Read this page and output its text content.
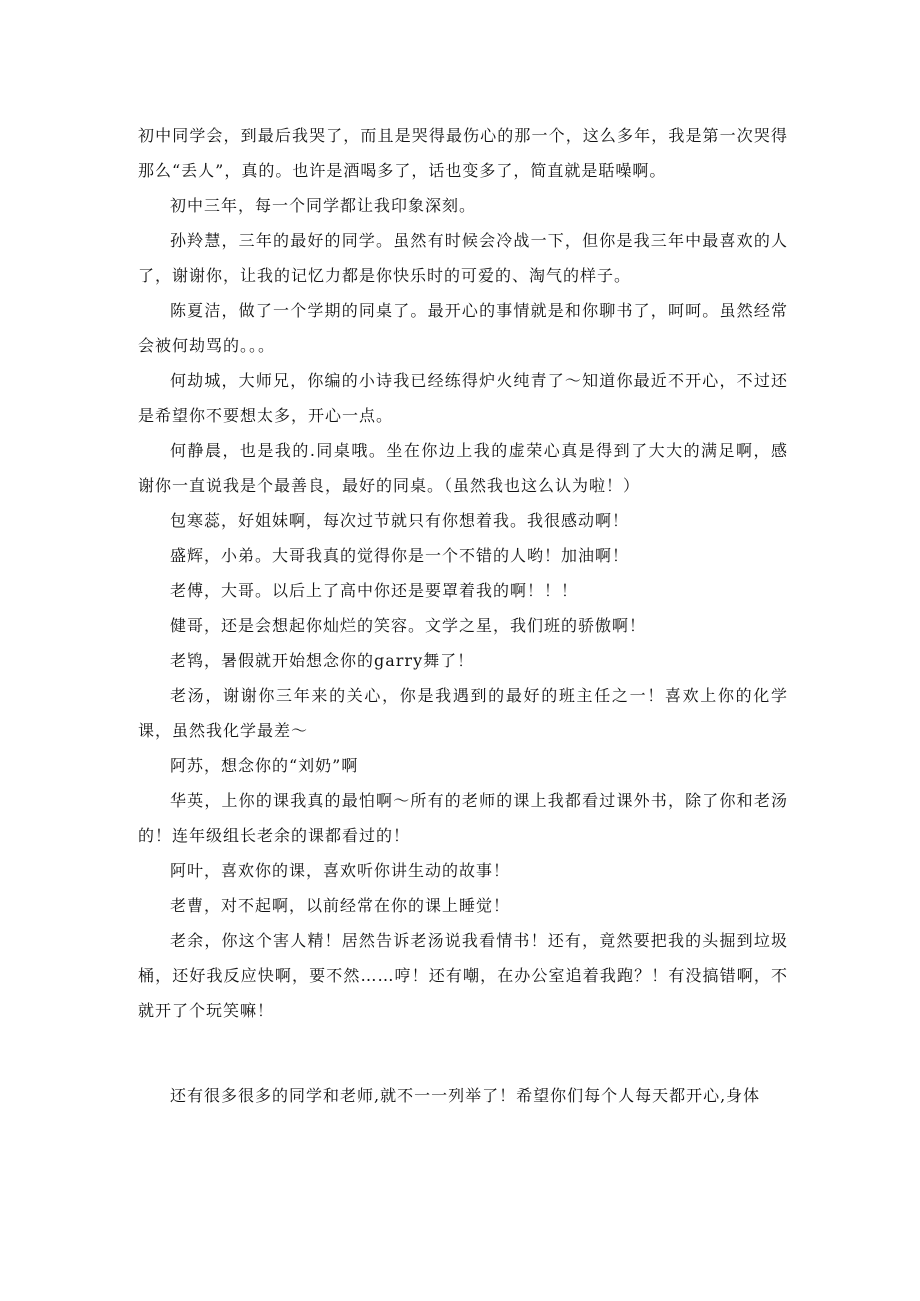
初中同学会，到最后我哭了，而且是哭得最伤心的那一个，这么多年，我是第一次哭得那么“丢人”，真的。也许是酒喝多了，话也变多了，简直就是聒噪啊。

初中三年，每一个同学都让我印象深刻。

孙羚慧，三年的最好的同学。虽然有时候会冷战一下，但你是我三年中最喜欢的人了，谢谢你，让我的记忆力都是你快乐时的可爱的、淘气的样子。

陈夏洁，做了一个学期的同桌了。最开心的事情就是和你聊书了，呵呵。虽然经常会被何劫骂的。。。

何劫城，大师兄，你编的小诗我已经练得炉火纯青了～知道你最近不开心，不过还是希望你不要想太多，开心一点。

何静晨，也是我的.同桌哦。坐在你边上我的虚荣心真是得到了大大的满足啊，感谢你一直说我是个最善良，最好的同桌。（虽然我也这么认为啦！）

包寒蕊，好姐妹啊，每次过节就只有你想着我。我很感动啊！

盛辉，小弟。大哥我真的觉得你是一个不错的人哟！加油啊！

老傅，大哥。以后上了高中你还是要罩着我的啊！！！

健哥，还是会想起你灿烂的笑容。文学之星，我们班的骄傲啊！

老鸨，暑假就开始想念你的garry舞了！

老汤，谢谢你三年来的关心，你是我遇到的最好的班主任之一！喜欢上你的化学课，虽然我化学最差～

阿苏，想念你的“刘奶”啊

华英，上你的课我真的最怕啊～所有的老师的课上我都看过课外书，除了你和老汤的！连年级组长老余的课都看过的！

阿叶，喜欢你的课，喜欢听你讲生动的故事！

老曹，对不起啊，以前经常在你的课上睡觉！

老余，你这个害人精！居然告诉老汤说我看情书！还有，竟然要把我的头掘到垃圾桶，还好我反应快啊，要不然……哼！还有嘲，在办公室追着我跑？！有没搞错啊，不就开了个玩笑嘛！

还有很多很多的同学和老师,就不一一列举了！希望你们每个人每天都开心,身体
